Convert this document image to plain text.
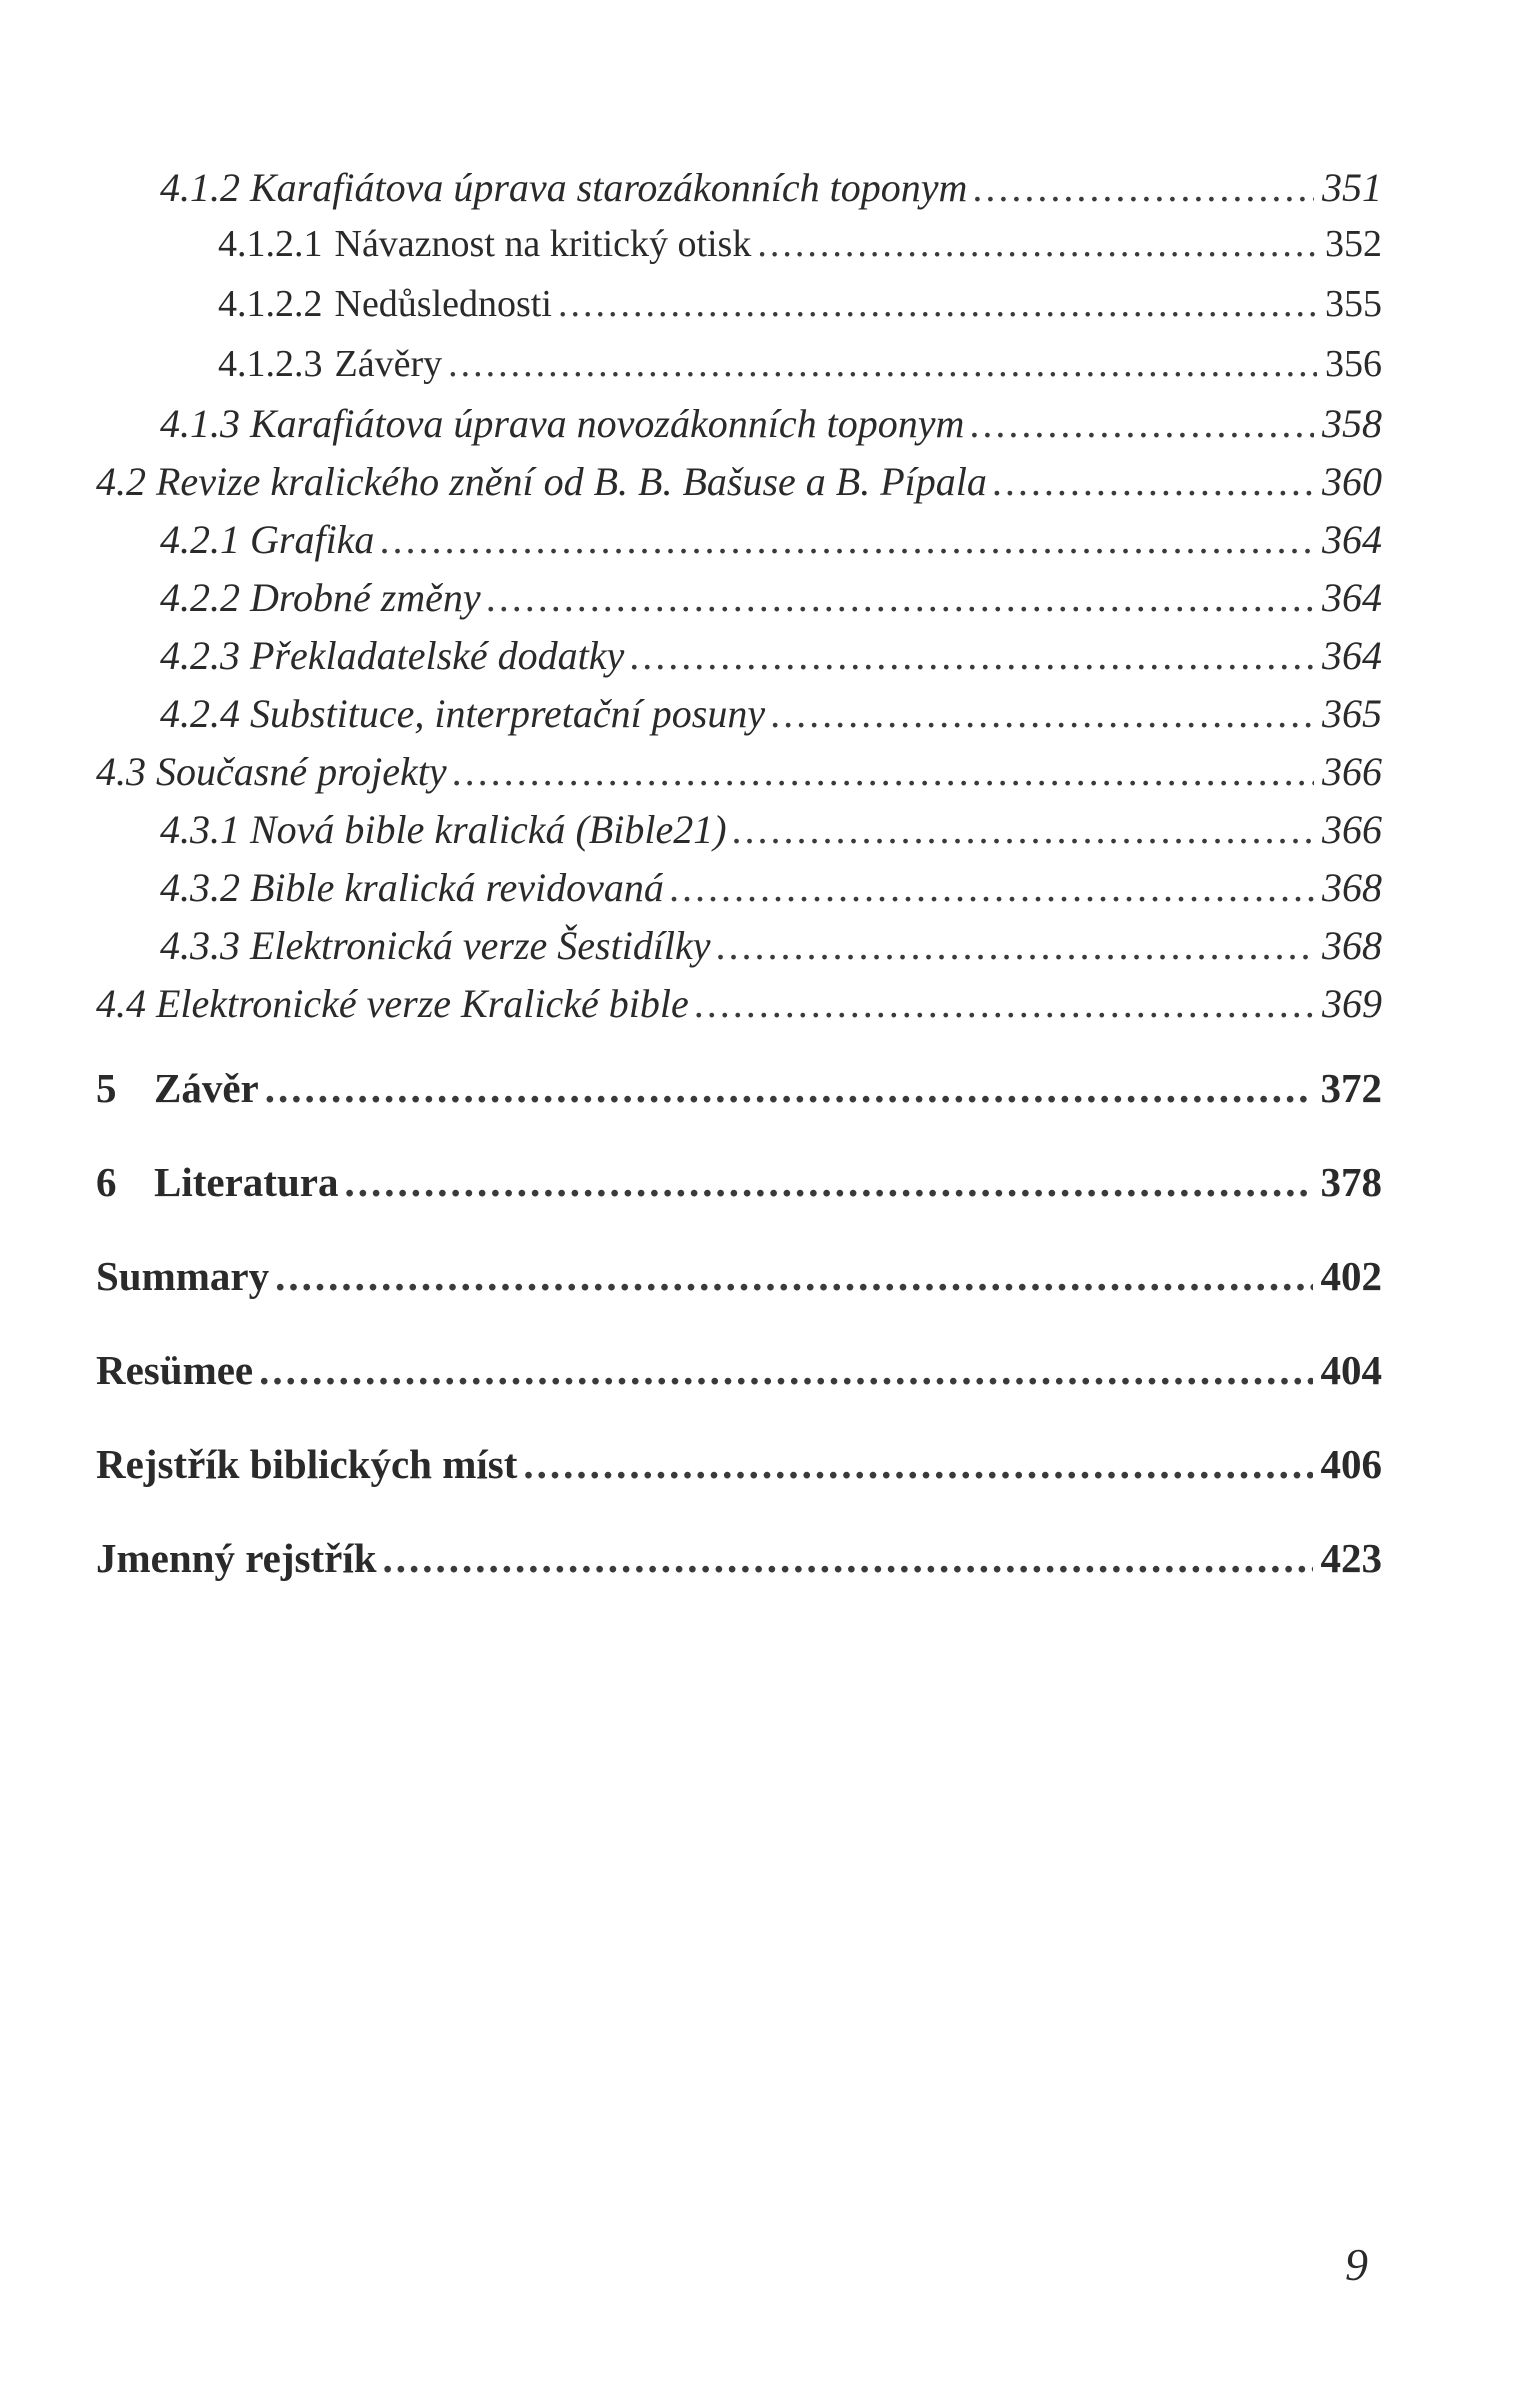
4.1.2 Karafiátova úprava starozákonních toponym .....	351
4.1.2.1 Návaznost na kritický otisk .....	352
4.1.2.2 Nedůslednosti .....	355
4.1.2.3 Závěry .....	356
4.1.3 Karafiátova úprava novozákonních toponym .....	358
4.2 Revize kralického znění od B. B. Bašuse a B. Pípala .....	360
4.2.1 Grafika .....	364
4.2.2 Drobné změny .....	364
4.2.3 Překladatelské dodatky .....	364
4.2.4 Substituce, interpretační posuny .....	365
4.3 Současné projekty .....	366
4.3.1 Nová bible kralická (Bible21) .....	366
4.3.2 Bible kralická revidovaná .....	368
4.3.3 Elektronická verze Šestidílky .....	368
4.4 Elektronické verze Kralické bible .....	369
5 Závěr .....	372
6 Literatura .....	378
Summary .....	402
Resümee .....	404
Rejstřík biblických míst .....	406
Jmenný rejstřík .....	423
9
